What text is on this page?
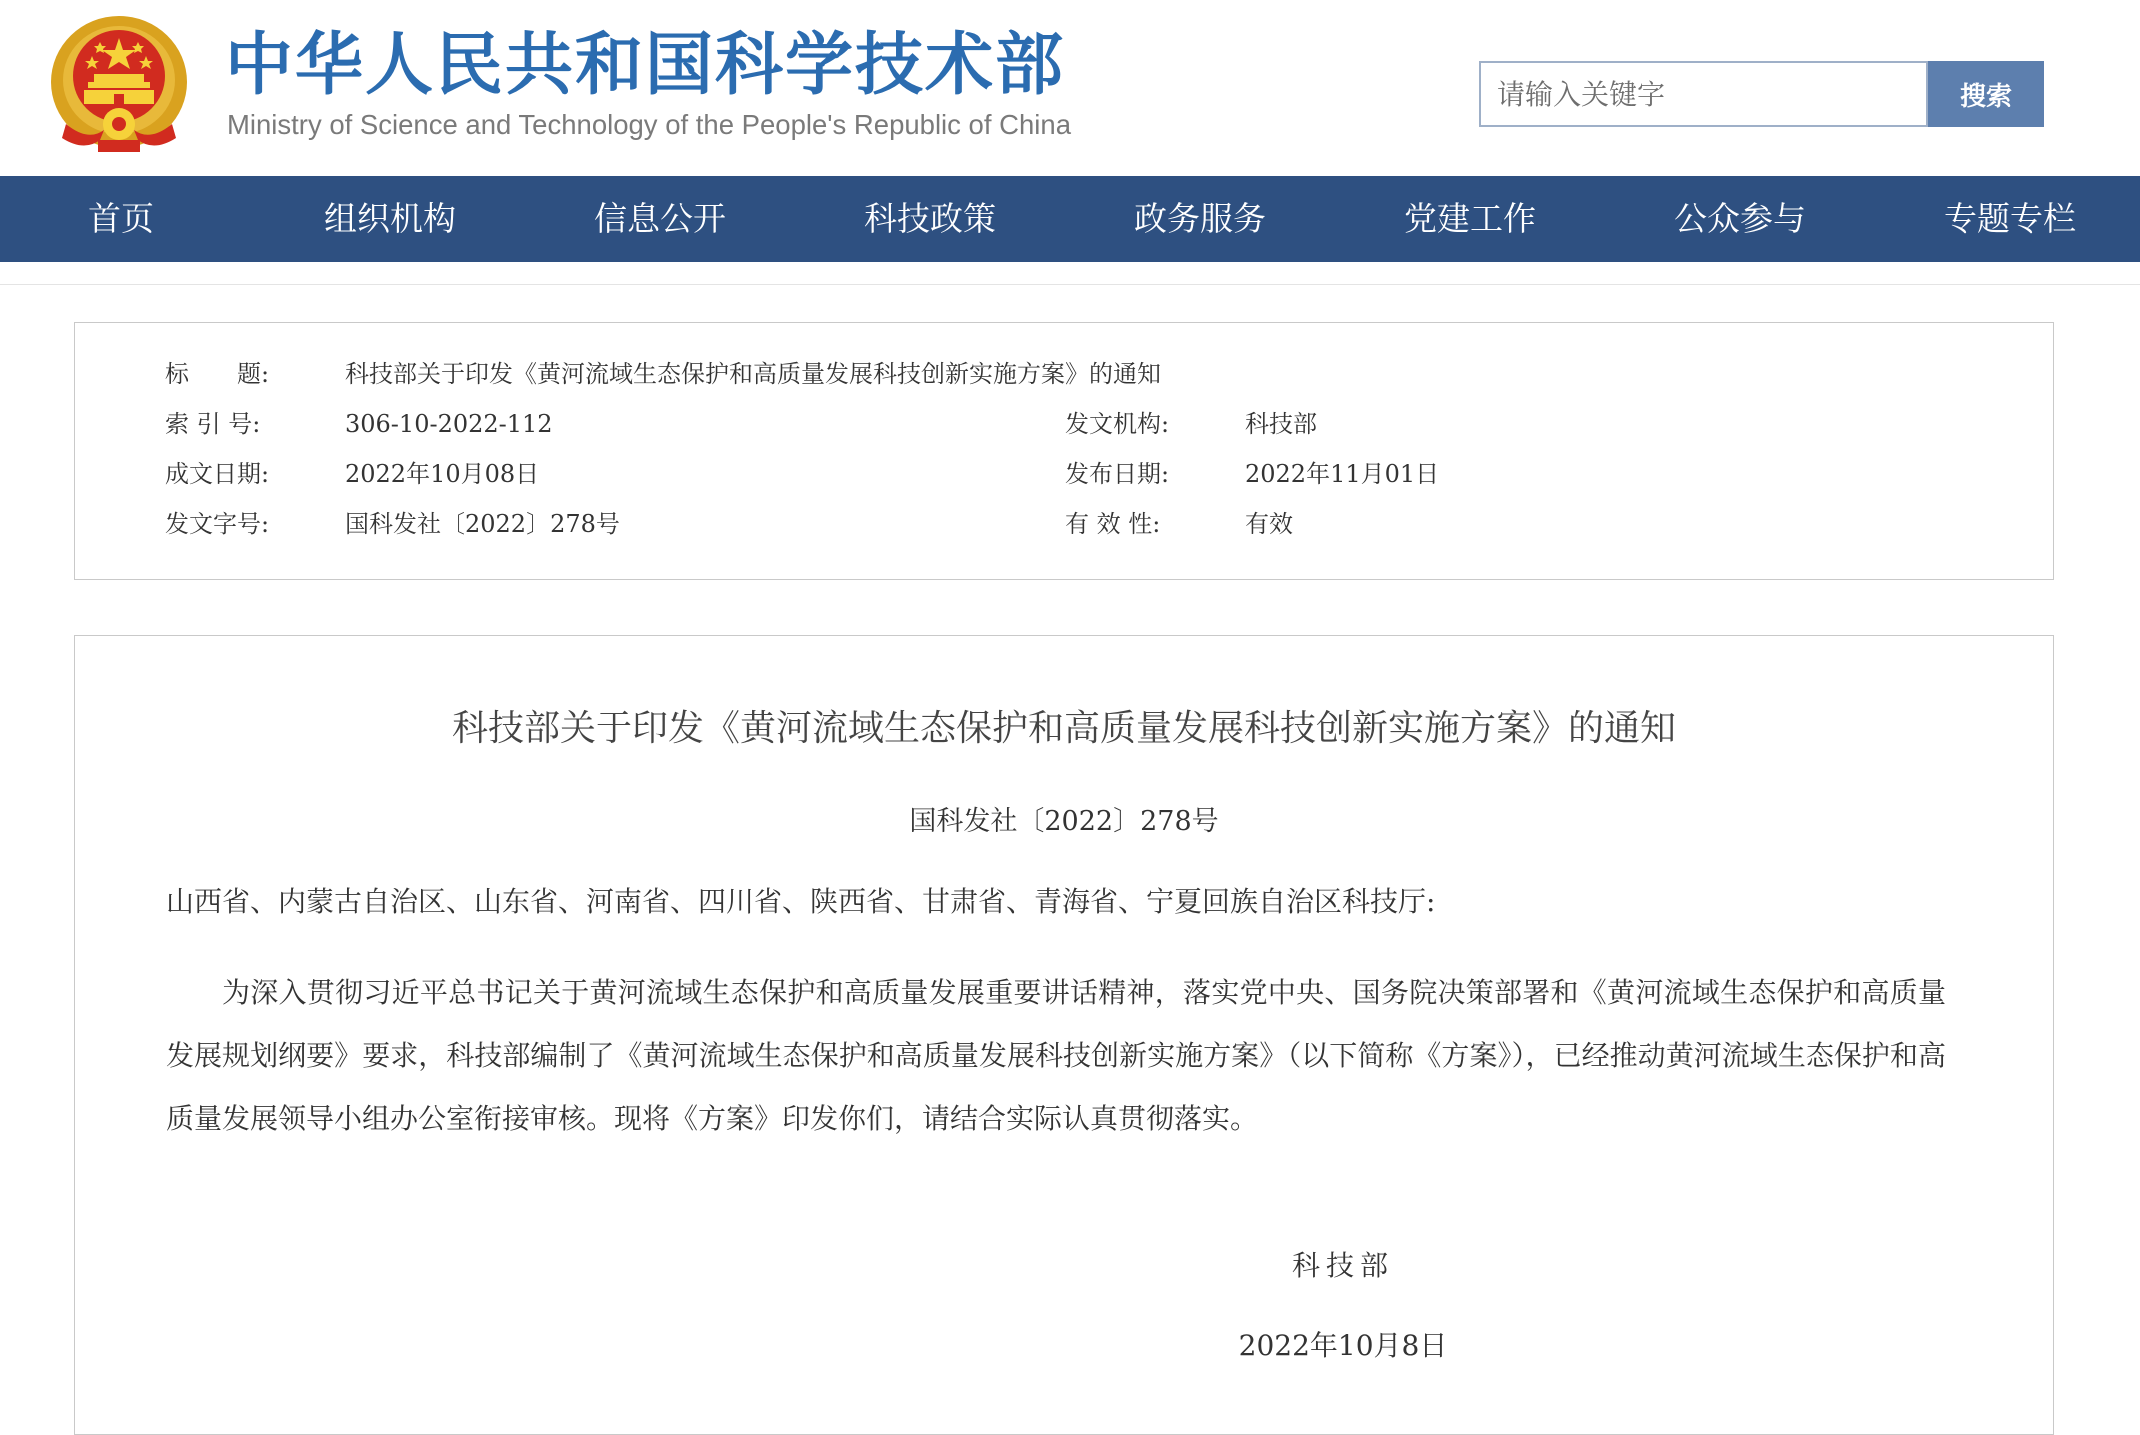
中华人民共和国科学技术部
Ministry of Science and Technology of the People's Republic of China
请输入关键字
搜索
首页	组织机构	信息公开	科技政策	政务服务	党建工作	公众参与	专题专栏
标　　题:	科技部关于印发《黄河流域生态保护和高质量发展科技创新实施方案》的通知
索 引 号:	306-10-2022-112	发文机构:	科技部
成文日期:	2022年10月08日	发布日期:	2022年11月01日
发文字号:	国科发社〔2022〕278号	有 效 性:	有效
科技部关于印发《黄河流域生态保护和高质量发展科技创新实施方案》的通知
国科发社〔2022〕278号
山西省、内蒙古自治区、山东省、河南省、四川省、陕西省、甘肃省、青海省、宁夏回族自治区科技厅:
为深入贯彻习近平总书记关于黄河流域生态保护和高质量发展重要讲话精神，落实党中央、国务院决策部署和《黄河流域生态保护和高质量发展规划纲要》要求，科技部编制了《黄河流域生态保护和高质量发展科技创新实施方案》（以下简称《方案》），已经推动黄河流域生态保护和高质量发展领导小组办公室衔接审核。现将《方案》印发你们，请结合实际认真贯彻落实。
科技部
2022年10月8日
